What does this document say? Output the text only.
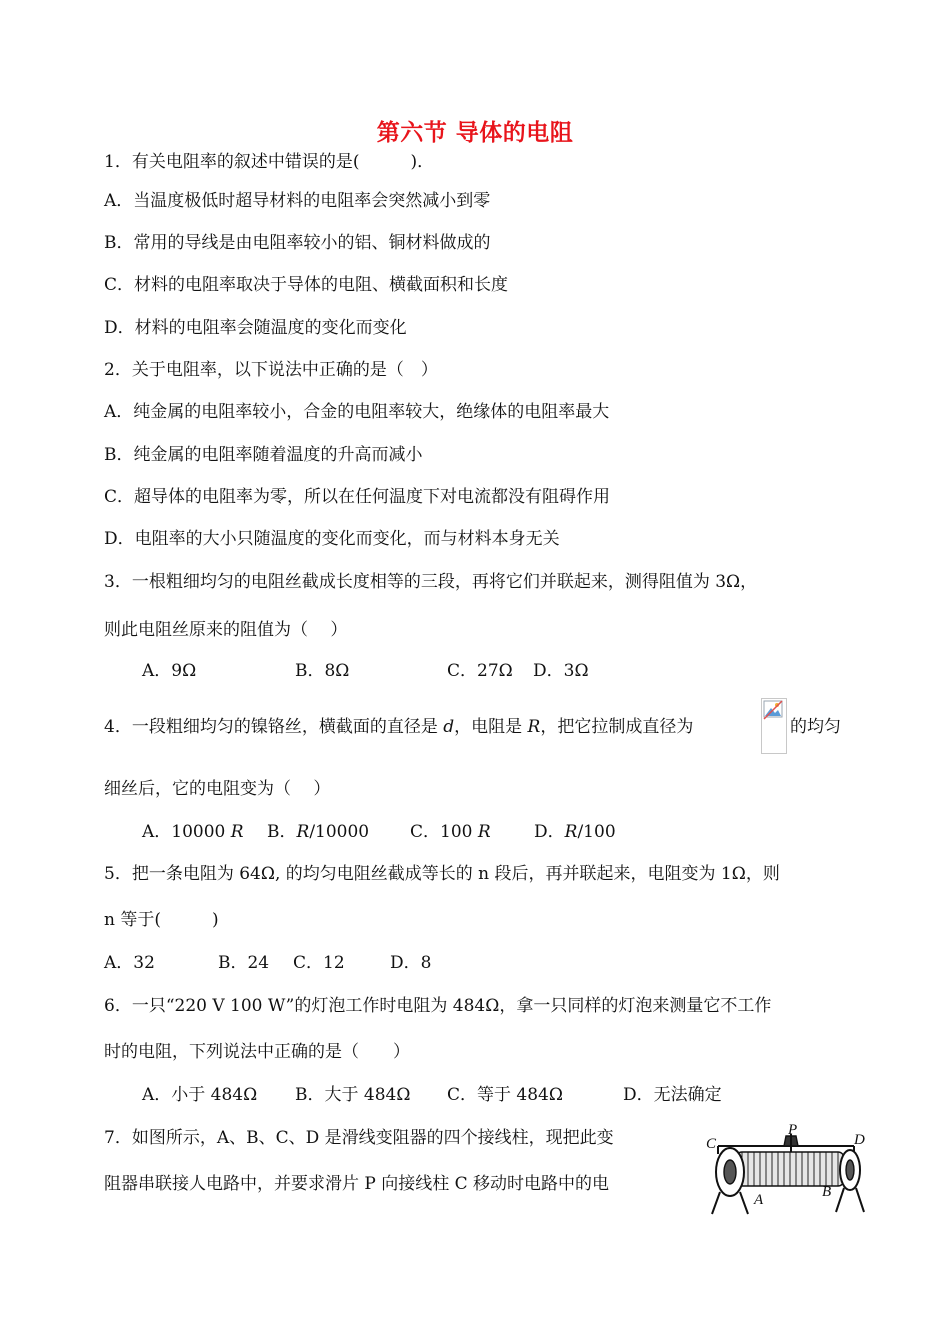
第六节 导体的电阻
1．有关电阻率的叙述中错误的是(　　　)．
A．当温度极低时超导材料的电阻率会突然减小到零
B．常用的导线是由电阻率较小的铝、铜材料做成的
C．材料的电阻率取决于导体的电阻、横截面积和长度
D．材料的电阻率会随温度的变化而变化
2．关于电阻率，以下说法中正确的是（　）
A．纯金属的电阻率较小，合金的电阻率较大，绝缘体的电阻率最大
B．纯金属的电阻率随着温度的升高而减小
C．超导体的电阻率为零，所以在任何温度下对电流都没有阻碍作用
D．电阻率的大小只随温度的变化而变化，而与材料本身无关
3．一根粗细均匀的电阻丝截成长度相等的三段，再将它们并联起来，测得阻值为 3Ω，
则此电阻丝原来的阻值为（　 ）
A．9Ω	B．8Ω	C．27Ω D．3Ω
4．一段粗细均匀的镍铬丝，横截面的直径是 d，电阻是 R，把它拉制成直径为	的均匀
细丝后，它的电阻变为（　 ）
A．10000 R B．R/10000 C．100 R	D．R/100
5．把一条电阻为 64Ω, 的均匀电阻丝截成等长的 n 段后，再并联起来，电阻变为 1Ω，则
n 等于(　　　)
A．32	B．24 C．12	D．8
6．一只“220 V 100 W”的灯泡工作时电阻为 484Ω，拿一只同样的灯泡来测量它不工作
时的电阻，下列说法中正确的是（　　）
A．小于 484Ω B．大于 484Ω C．等于 484Ω	D．无法确定
7．如图所示，A、B、C、D 是滑线变阻器的四个接线柱，现把此变
阻器串联接人电路中，并要求滑片 P 向接线柱 C 移动时电路中的电
C
P
D
A	B
